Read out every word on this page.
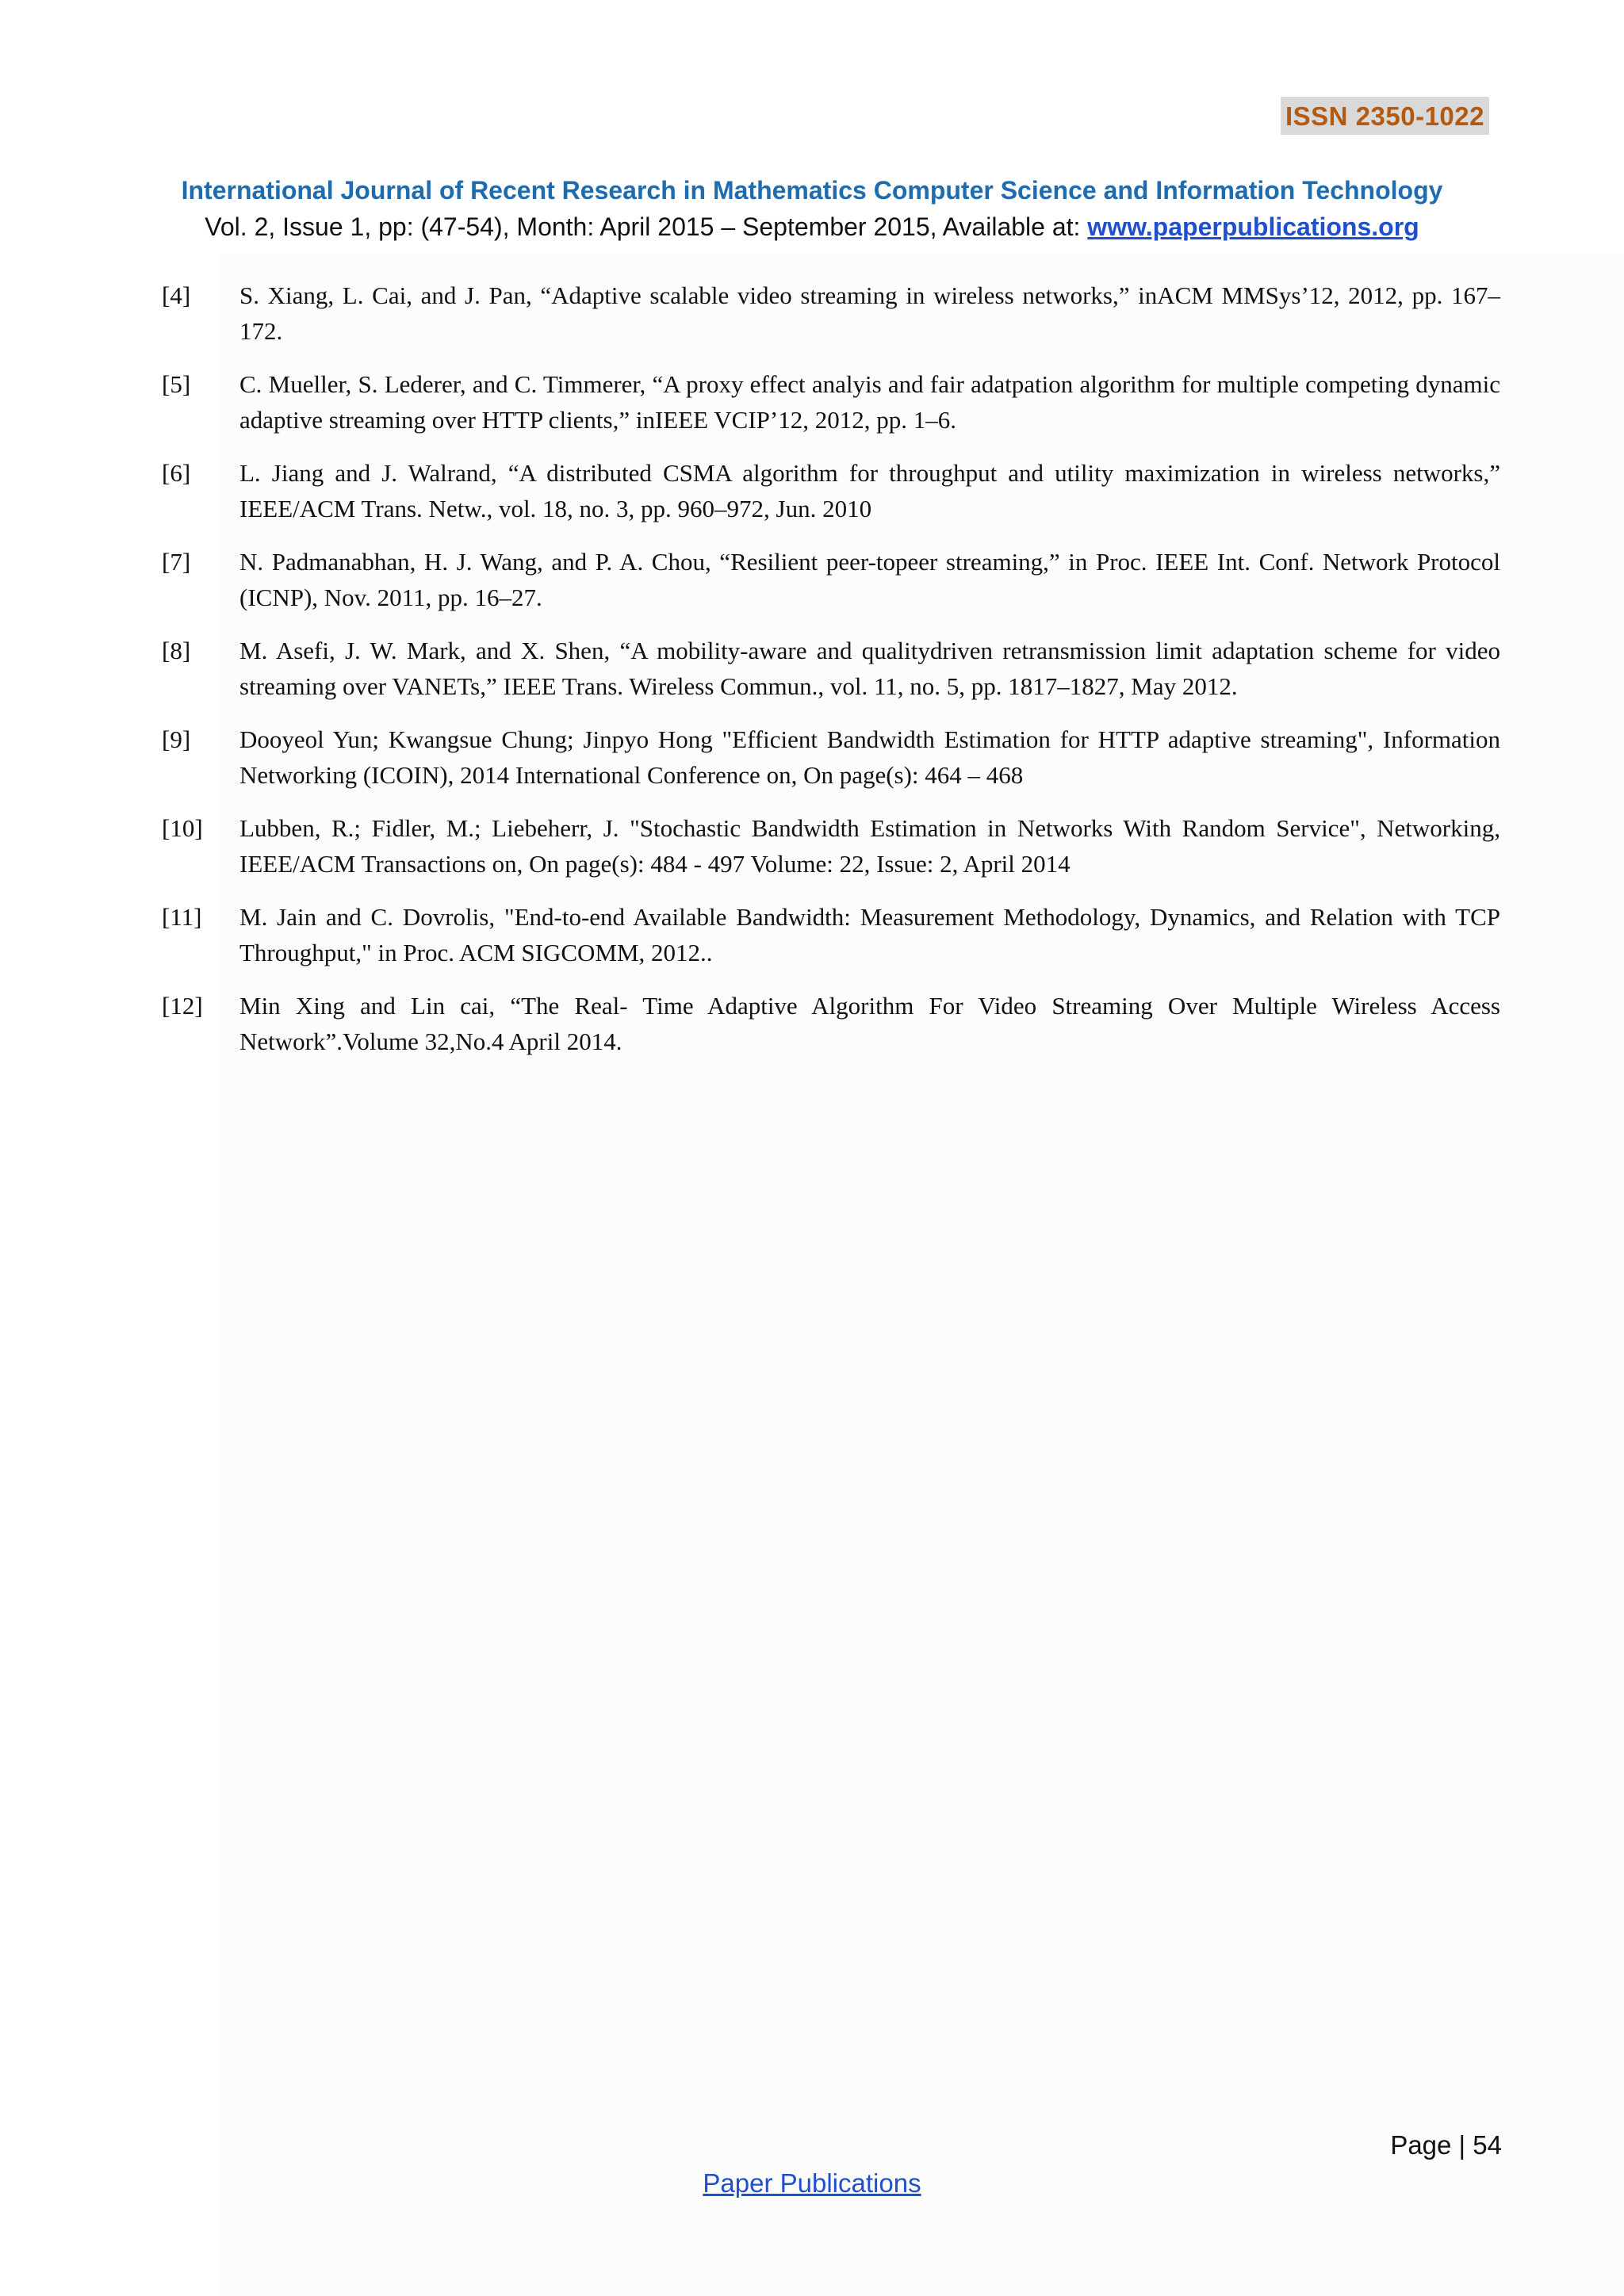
ISSN 2350-1022
International Journal of Recent Research in Mathematics Computer Science and Information Technology
Vol. 2, Issue 1, pp: (47-54), Month: April 2015 – September 2015, Available at: www.paperpublications.org
[4] S. Xiang, L. Cai, and J. Pan, “Adaptive scalable video streaming in wireless networks,” inACM MMSys’12, 2012, pp. 167–172.
[5] C. Mueller, S. Lederer, and C. Timmerer, “A proxy effect analyis and fair adatpation algorithm for multiple competing dynamic adaptive streaming over HTTP clients,” inIEEE VCIP’12, 2012, pp. 1–6.
[6] L. Jiang and J. Walrand, “A distributed CSMA algorithm for throughput and utility maximization in wireless networks,” IEEE/ACM Trans. Netw., vol. 18, no. 3, pp. 960–972, Jun. 2010
[7] N. Padmanabhan, H. J. Wang, and P. A. Chou, “Resilient peer-topeer streaming,” in Proc. IEEE Int. Conf. Network Protocol (ICNP), Nov. 2011, pp. 16–27.
[8] M. Asefi, J. W. Mark, and X. Shen, “A mobility-aware and qualitydriven retransmission limit adaptation scheme for video streaming over VANETs,” IEEE Trans. Wireless Commun., vol. 11, no. 5, pp. 1817–1827, May 2012.
[9] Dooyeol Yun; Kwangsue Chung; Jinpyo Hong "Efficient Bandwidth Estimation for HTTP adaptive streaming", Information Networking (ICOIN), 2014 International Conference on, On page(s): 464 – 468
[10] Lubben, R.; Fidler, M.; Liebeherr, J. "Stochastic Bandwidth Estimation in Networks With Random Service", Networking, IEEE/ACM Transactions on, On page(s): 484 - 497 Volume: 22, Issue: 2, April 2014
[11] M. Jain and C. Dovrolis, "End-to-end Available Bandwidth: Measurement Methodology, Dynamics, and Relation with TCP Throughput," in Proc. ACM SIGCOMM, 2012..
[12] Min Xing and Lin cai, “The Real- Time Adaptive Algorithm For Video Streaming Over Multiple Wireless Access Network”.Volume 32,No.4 April 2014.
Page | 54
Paper Publications
